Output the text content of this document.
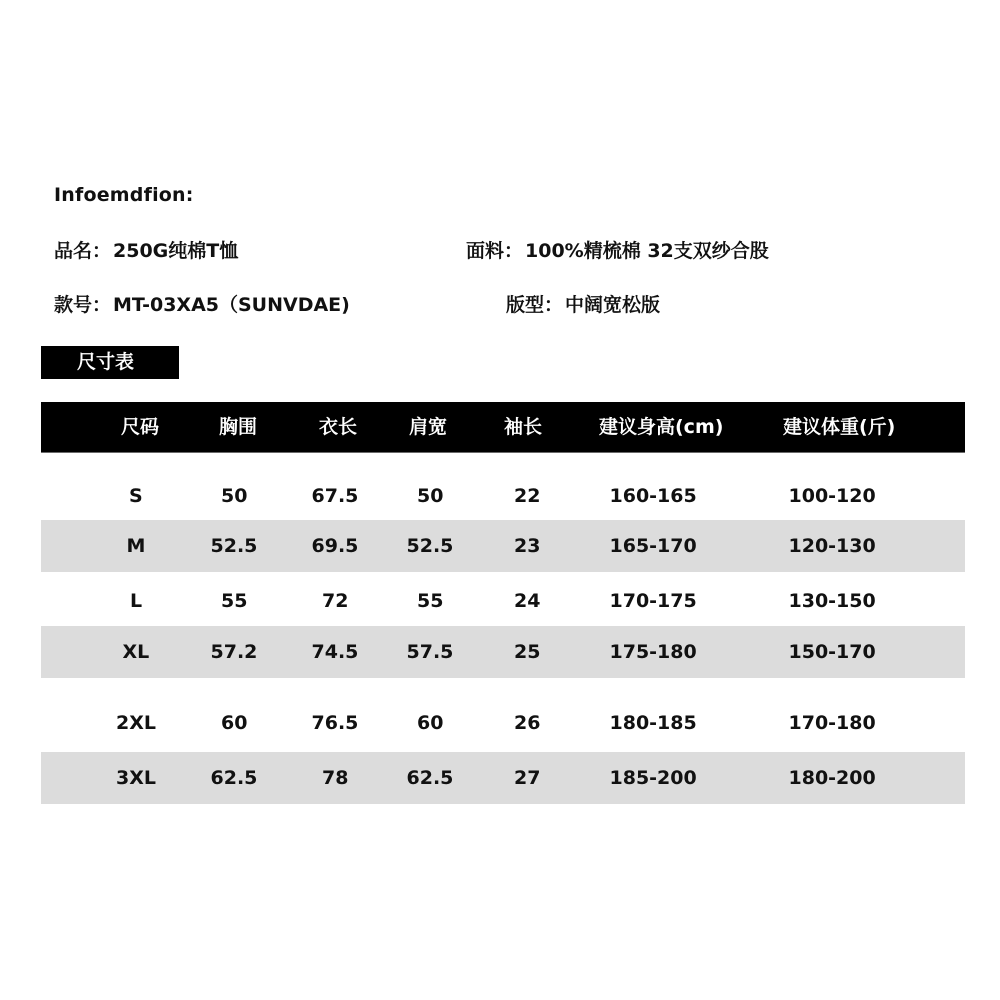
Infoemdfion:
品名： 250G纯棉T恤	面料： 100%精梳棉 32支双纱合股
款号： MT-03XA5（SUNVDAE)	版型： 中阔宽松版
尺寸表
尺码	胸围	衣长	肩宽	袖长	建议身高(cm)	建议体重(斤)
S	50	67.5	50	22	160-165	100-120
M	52.5	69.5	52.5	23	165-170	120-130
L	55	72	55	24	170-175	130-150
XL	57.2	74.5	57.5	25	175-180	150-170
2XL	60	76.5	60	26	180-185	170-180
3XL	62.5	78	62.5	27	185-200	180-200
